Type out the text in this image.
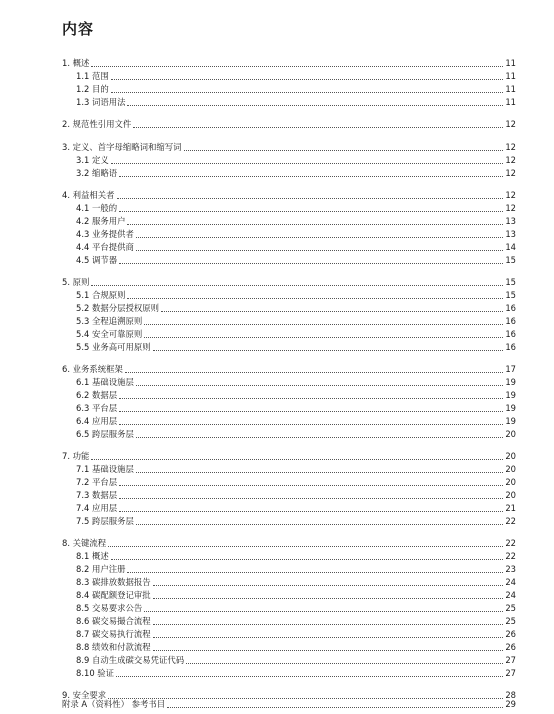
内容
1. 概述	11
1.1 范围	11
1.2 目的	11
1.3 词语用法	11
2. 规范性引用文件	12
3. 定义、首字母缩略词和缩写词	12
3.1 定义	12
3.2 缩略语	12
4. 利益相关者	12
4.1 一般的	12
4.2 服务用户	13
4.3 业务提供者	13
4.4 平台提供商	14
4.5 调节器	15
5. 原则	15
5.1 合规原则	15
5.2 数据分层授权原则	16
5.3 全程追溯原则	16
5.4 安全可靠原则	16
5.5 业务高可用原则	16
6. 业务系统框架	17
6.1 基础设施层	19
6.2 数据层	19
6.3 平台层	19
6.4 应用层	19
6.5 跨层服务层	20
7. 功能	20
7.1 基础设施层	20
7.2 平台层	20
7.3 数据层	20
7.4 应用层	21
7.5 跨层服务层	22
8. 关键流程	22
8.1 概述	22
8.2 用户注册	23
8.3 碳排放数据报告	24
8.4 碳配额登记审批	24
8.5 交易要求公告	25
8.6 碳交易撮合流程	25
8.7 碳交易执行流程	26
8.8 绩效和付款流程	26
8.9 自动生成碳交易凭证代码	27
8.10 验证	27
9. 安全要求	28
附录 A（资料性） 参考书目	29
